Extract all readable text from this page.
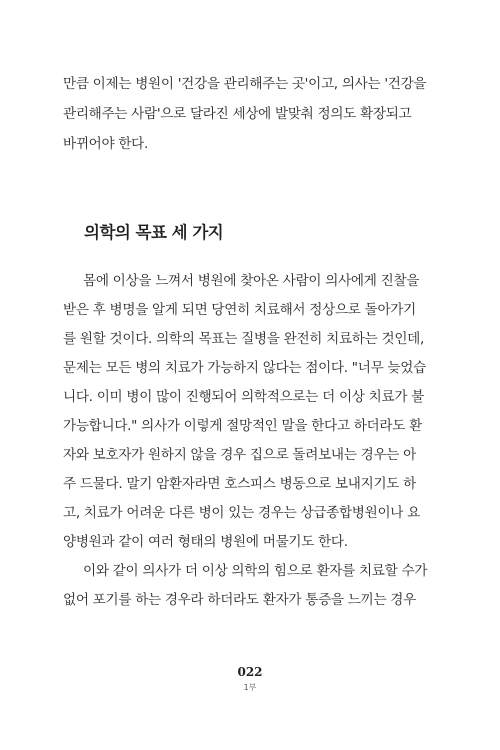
만큼 이제는 병원이 '건강을 관리해주는 곳'이고, 의사는 '건강을
관리해주는 사람'으로 달라진 세상에 발맞춰 정의도 확장되고
바뀌어야 한다.
의학의 목표 세 가지
몸에 이상을 느껴서 병원에 찾아온 사람이 의사에게 진찰을
받은 후 병명을 알게 되면 당연히 치료해서 정상으로 돌아가기
를 원할 것이다. 의학의 목표는 질병을 완전히 치료하는 것인데,
문제는 모든 병의 치료가 가능하지 않다는 점이다. "너무 늦었습
니다. 이미 병이 많이 진행되어 의학적으로는 더 이상 치료가 불
가능합니다." 의사가 이렇게 절망적인 말을 한다고 하더라도 환
자와 보호자가 원하지 않을 경우 집으로 돌려보내는 경우는 아
주 드물다. 말기 암환자라면 호스피스 병동으로 보내지기도 하
고, 치료가 어려운 다른 병이 있는 경우는 상급종합병원이나 요
양병원과 같이 여러 형태의 병원에 머물기도 한다.
이와 같이 의사가 더 이상 의학의 힘으로 환자를 치료할 수가
없어 포기를 하는 경우라 하더라도 환자가 통증을 느끼는 경우
022
1부
